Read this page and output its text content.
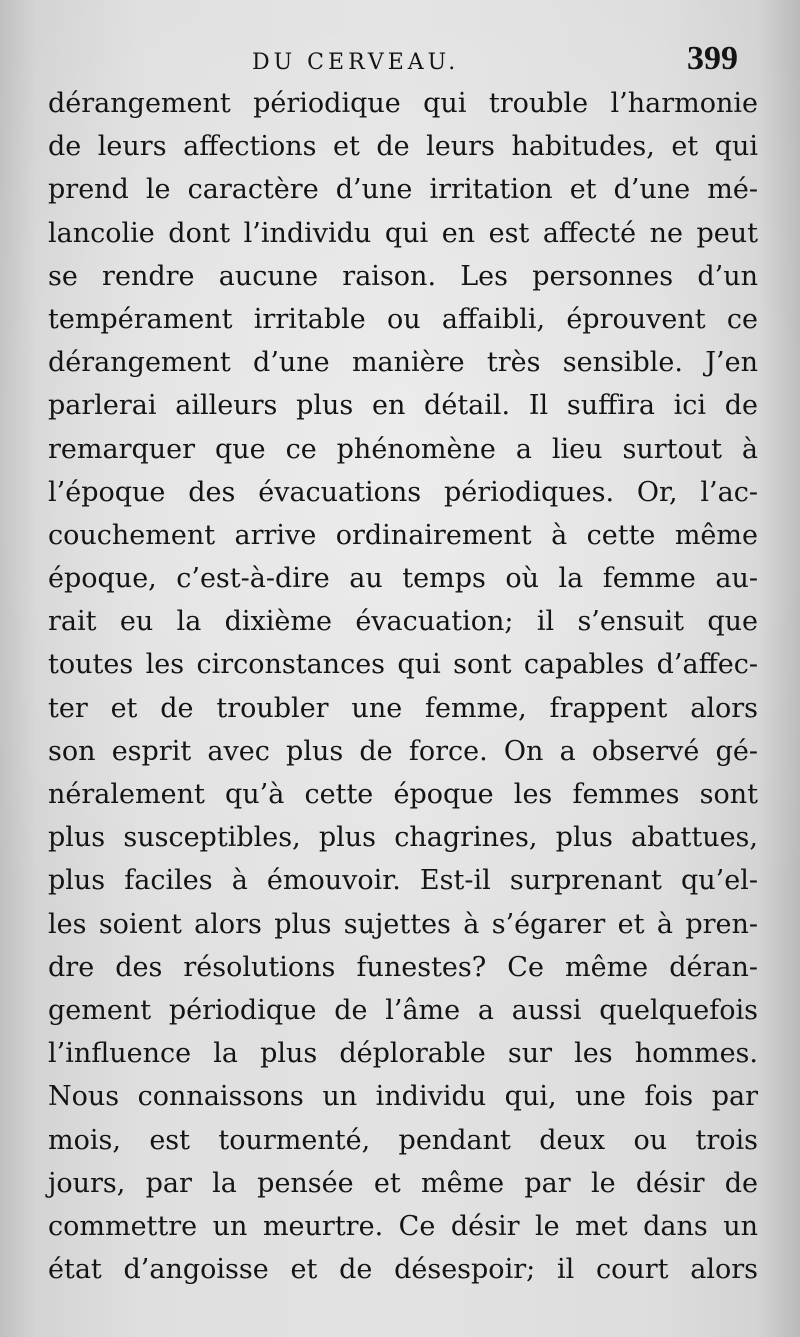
DU CERVEAU.	399
dérangement périodique qui trouble l’harmonie
de leurs affections et de leurs habitudes, et qui
prend le caractère d’une irritation et d’une mé-
lancolie dont l’individu qui en est affecté ne peut
se rendre aucune raison. Les personnes d’un
tempérament irritable ou affaibli, éprouvent ce
dérangement d’une manière très sensible. J’en
parlerai ailleurs plus en détail. Il suffira ici de
remarquer que ce phénomène a lieu surtout à
l’époque des évacuations périodiques. Or, l’ac-
couchement arrive ordinairement à cette même
époque, c’est-à-dire au temps où la femme au-
rait eu la dixième évacuation; il s’ensuit que
toutes les circonstances qui sont capables d’affec-
ter et de troubler une femme, frappent alors
son esprit avec plus de force. On a observé gé-
néralement qu’à cette époque les femmes sont
plus susceptibles, plus chagrines, plus abattues,
plus faciles à émouvoir. Est-il surprenant qu’el-
les soient alors plus sujettes à s’égarer et à pren-
dre des résolutions funestes? Ce même déran-
gement périodique de l’âme a aussi quelquefois
l’influence la plus déplorable sur les hommes.
Nous connaissons un individu qui, une fois par
mois, est tourmenté, pendant deux ou trois
jours, par la pensée et même par le désir de
commettre un meurtre. Ce désir le met dans un
état d’angoisse et de désespoir; il court alors
